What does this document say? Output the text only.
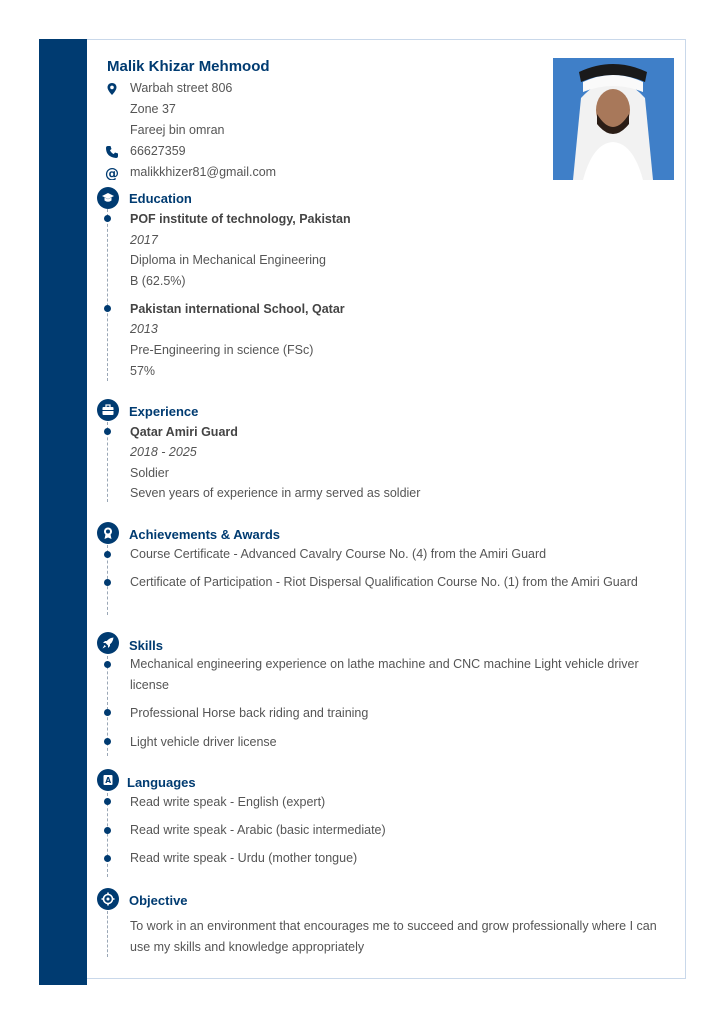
Malik Khizar Mehmood
Warbah street 806
Zone 37
Fareej bin omran
66627359
@ malikkhizer81@gmail.com
Education
POF institute of technology, Pakistan
2017
Diploma in Mechanical Engineering
B (62.5%)
Pakistan international School, Qatar
2013
Pre-Engineering in science (FSc)
57%
Experience
Qatar Amiri Guard
2018 - 2025
Soldier
Seven years of experience in army served as soldier
Achievements & Awards
Course Certificate - Advanced Cavalry Course No. (4) from the Amiri Guard
Certificate of Participation - Riot Dispersal Qualification Course No. (1) from the Amiri Guard
Skills
Mechanical engineering experience on lathe machine and CNC machine Light vehicle driver license
Professional Horse back riding and training
Light vehicle driver license
A Languages
Read write speak - English (expert)
Read write speak - Arabic (basic intermediate)
Read write speak - Urdu (mother tongue)
Objective
To work in an environment that encourages me to succeed and grow professionally where I can use my skills and knowledge appropriately
